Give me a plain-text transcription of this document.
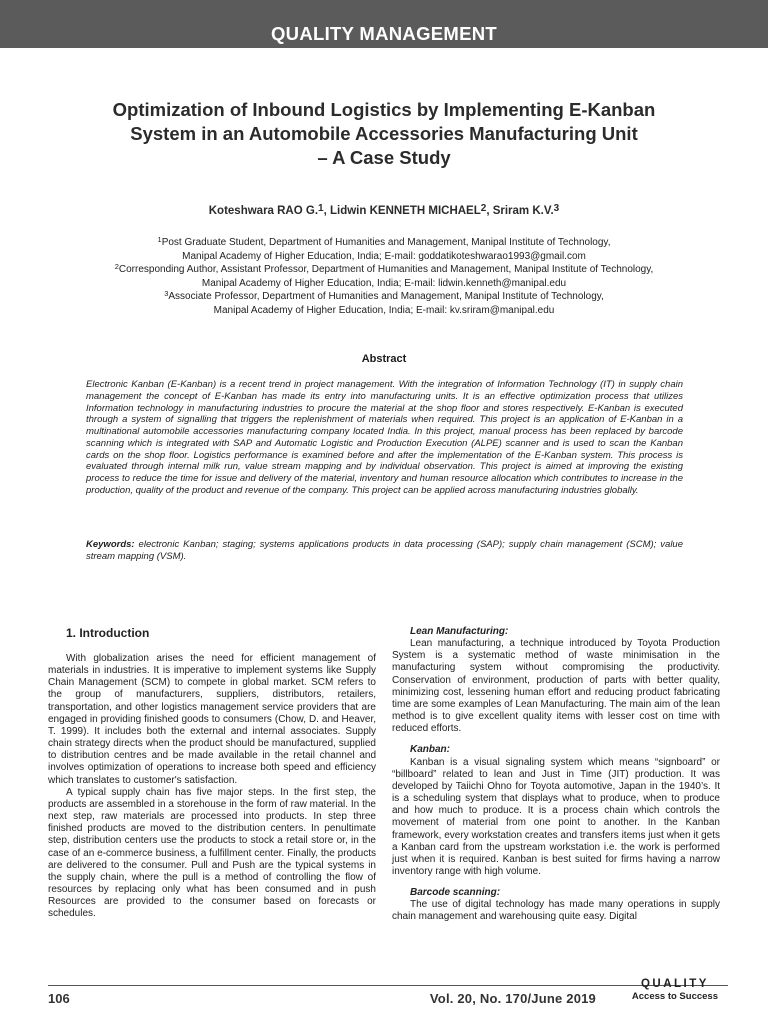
QUALITY MANAGEMENT
Optimization of Inbound Logistics by Implementing E-Kanban
System in an Automobile Accessories Manufacturing Unit
– A Case Study
Koteshwara RAO G.$^1$, Lidwin KENNETH MICHAEL$^2$, Sriram K.V.$^3$
$^1$Post Graduate Student, Department of Humanities and Management, Manipal Institute of Technology,
Manipal Academy of Higher Education, India; E-mail: goddatikoteshwarao1993@gmail.com
$^2$Corresponding Author, Assistant Professor, Department of Humanities and Management, Manipal Institute of Technology,
Manipal Academy of Higher Education, India; E-mail: lidwin.kenneth@manipal.edu
$^3$Associate Professor, Department of Humanities and Management, Manipal Institute of Technology,
Manipal Academy of Higher Education, India; E-mail: kv.sriram@manipal.edu
Abstract
Electronic Kanban (E-Kanban) is a recent trend in project management. With the integration of Information Technology (IT) in supply chain management the concept of E-Kanban has made its entry into manufacturing units. It is an effective optimization process that utilizes Information technology in manufacturing industries to procure the material at the shop floor and stores respectively. E-Kanban is executed through a system of signalling that triggers the replenishment of materials when required. This project is an application of E-Kanban in a multinational automobile accessories manufacturing company located India. In this project, manual process has been replaced by barcode scanning which is integrated with SAP and Automatic Logistic and Production Execution (ALPE) scanner and is used to scan the Kanban cards on the shop floor. Logistics performance is examined before and after the implementation of the E-Kanban system. This process is evaluated through internal milk run, value stream mapping and by individual observation. This project is aimed at improving the existing process to reduce the time for issue and delivery of the material, inventory and human resource allocation which contributes to increase in the production, quality of the product and revenue of the company. This project can be applied across manufacturing industries globally.
Keywords: electronic Kanban; staging; systems applications products in data processing (SAP); supply chain management (SCM); value stream mapping (VSM).
1. Introduction

With globalization arises the need for efficient management of materials in industries. It is imperative to implement systems like Supply Chain Management (SCM) to compete in global market. SCM refers to the group of manufacturers, suppliers, distributors, retailers, transportation, and other logistics management service providers that are engaged in providing finished goods to consumers (Chow, D. and Heaver, T. 1999). It includes both the external and internal associates. Supply chain strategy directs when the product should be manufactured, supplied to distribution centres and be made available in the retail channel and involves optimization of operations to increase both speed and efficiency which translates to customer's satisfaction.

A typical supply chain has five major steps. In the first step, the products are assembled in a storehouse in the form of raw material. In the next step, raw materials are processed into products. In step three finished products are moved to the distribution centers. In penultimate step, distribution centers use the products to stock a retail store or, in the case of an e-commerce business, a fulfillment center. Finally, the products are delivered to the consumer. Pull and Push are the typical systems in the supply chain, where the pull is a method of controlling the flow of resources by replacing only what has been consumed and in push Resources are provided to the consumer based on forecasts or schedules.

Lean Manufacturing:

Lean manufacturing, a technique introduced by Toyota Production System is a systematic method of waste minimisation in the manufacturing system without compromising the productivity. Conservation of environment, production of parts with better quality, minimizing cost, lessening human effort and reducing product fabricating time are some examples of Lean Manufacturing. The main aim of the lean method is to give excellent quality items with lesser cost on time with reduced efforts.

Kanban:

Kanban is a visual signaling system which means “signboard” or “billboard” related to lean and Just in Time (JIT) production. It was developed by Taiichi Ohno for Toyota automotive, Japan in the 1940’s. It is a scheduling system that displays what to produce, when to produce and how much to produce. It is a process chain which controls the movement of material from one point to another. In the Kanban framework, every workstation creates and transfers items just when it gets a Kanban card from the upstream workstation i.e. the work is performed just when it is required. Kanban is best suited for firms having a narrow inventory range with high volume.

Barcode scanning:

The use of digital technology has made many operations in supply chain management and warehousing quite easy. Digital

106	Vol. 20, No. 170/June 2019
QUALITY
Access to Success
